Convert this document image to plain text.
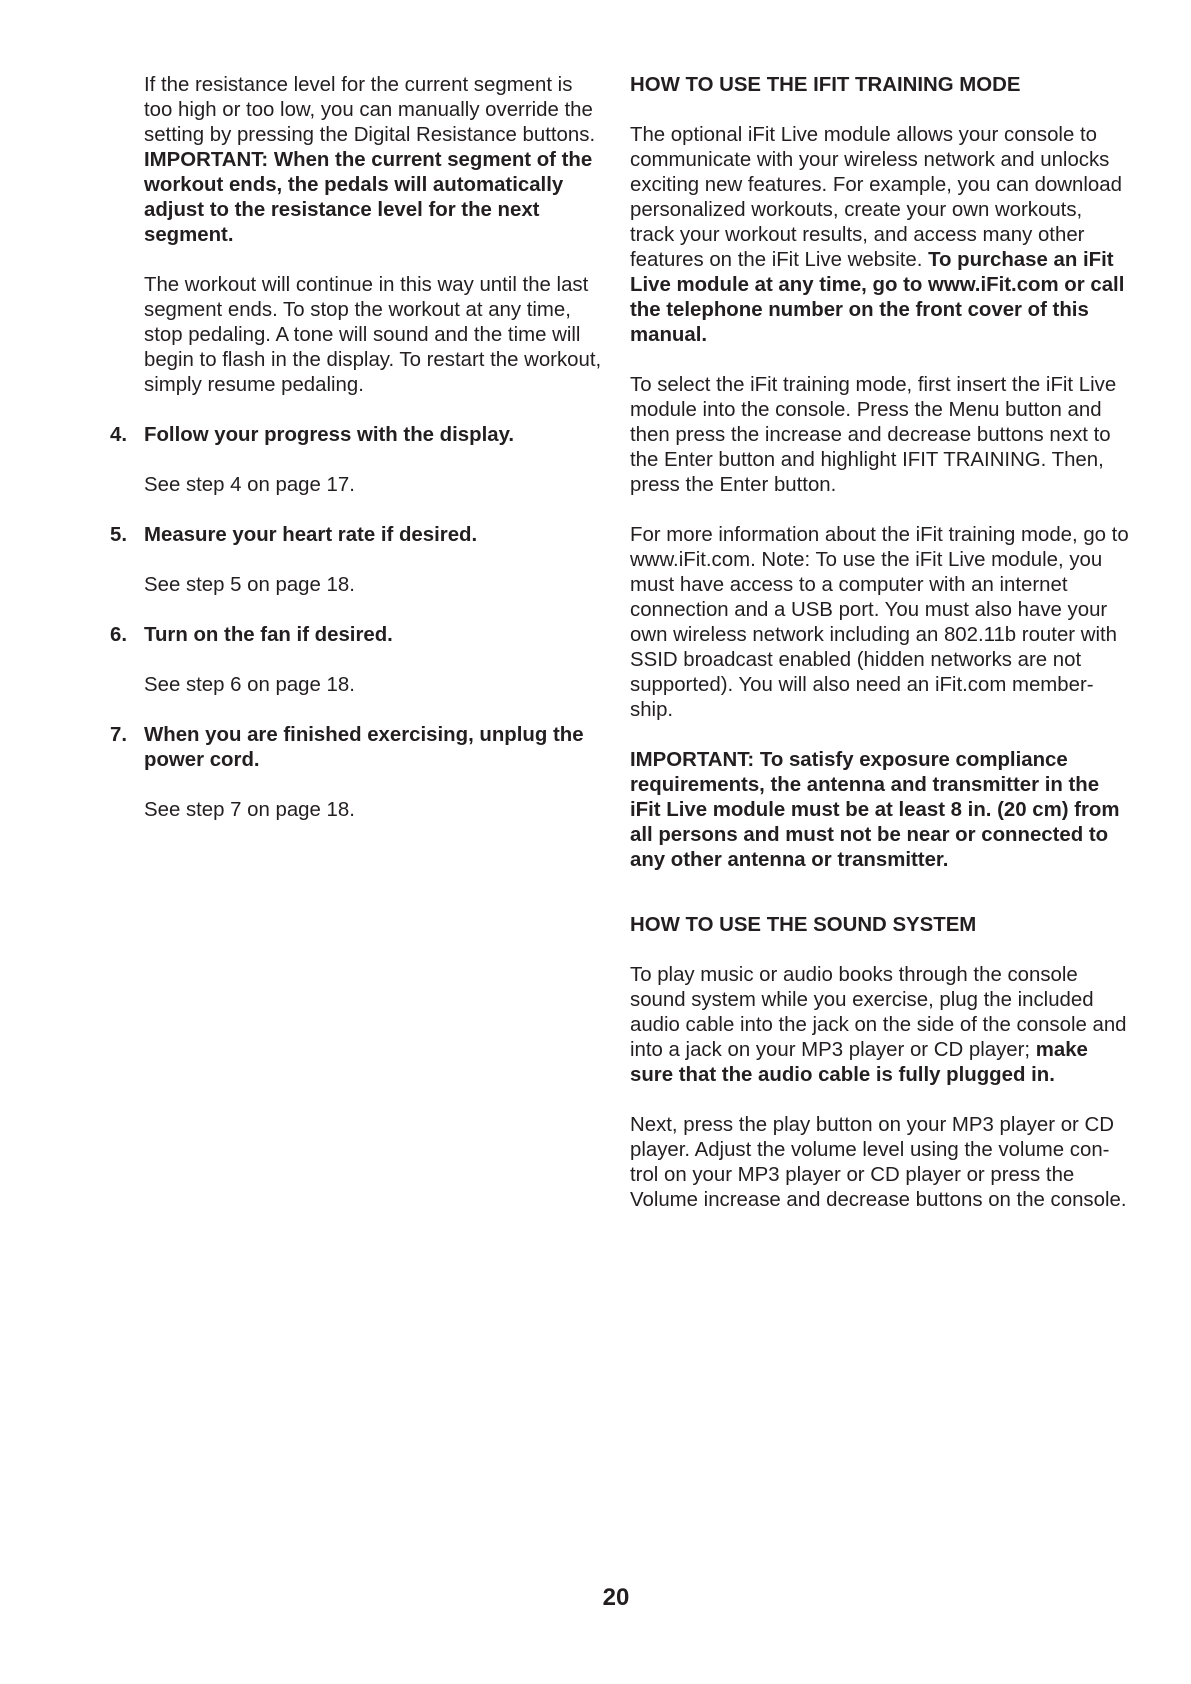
If the resistance level for the current segment is too high or too low, you can manually override the setting by pressing the Digital Resistance buttons. IMPORTANT: When the current segment of the workout ends, the pedals will automatically adjust to the resistance level for the next segment.

The workout will continue in this way until the last segment ends. To stop the workout at any time, stop pedaling. A tone will sound and the time will begin to flash in the display. To restart the workout, simply resume pedaling.

4. Follow your progress with the display.

See step 4 on page 17.

5. Measure your heart rate if desired.

See step 5 on page 18.

6. Turn on the fan if desired.

See step 6 on page 18.

7. When you are finished exercising, unplug the power cord.

See step 7 on page 18.

HOW TO USE THE IFIT TRAINING MODE

The optional iFit Live module allows your console to communicate with your wireless network and unlocks exciting new features. For example, you can download personalized workouts, create your own workouts, track your workout results, and access many other features on the iFit Live website. To purchase an iFit Live module at any time, go to www.iFit.com or call the telephone number on the front cover of this manual.

To select the iFit training mode, first insert the iFit Live module into the console. Press the Menu button and then press the increase and decrease buttons next to the Enter button and highlight IFIT TRAINING. Then, press the Enter button.

For more information about the iFit training mode, go to www.iFit.com. Note: To use the iFit Live module, you must have access to a computer with an internet connection and a USB port. You must also have your own wireless network including an 802.11b router with SSID broadcast enabled (hidden networks are not supported). You will also need an iFit.com member-ship.

IMPORTANT: To satisfy exposure compliance requirements, the antenna and transmitter in the iFit Live module must be at least 8 in. (20 cm) from all persons and must not be near or connected to any other antenna or transmitter.

HOW TO USE THE SOUND SYSTEM

To play music or audio books through the console sound system while you exercise, plug the included audio cable into the jack on the side of the console and into a jack on your MP3 player or CD player; make sure that the audio cable is fully plugged in.

Next, press the play button on your MP3 player or CD player. Adjust the volume level using the volume con-trol on your MP3 player or CD player or press the Volume increase and decrease buttons on the console.

20
